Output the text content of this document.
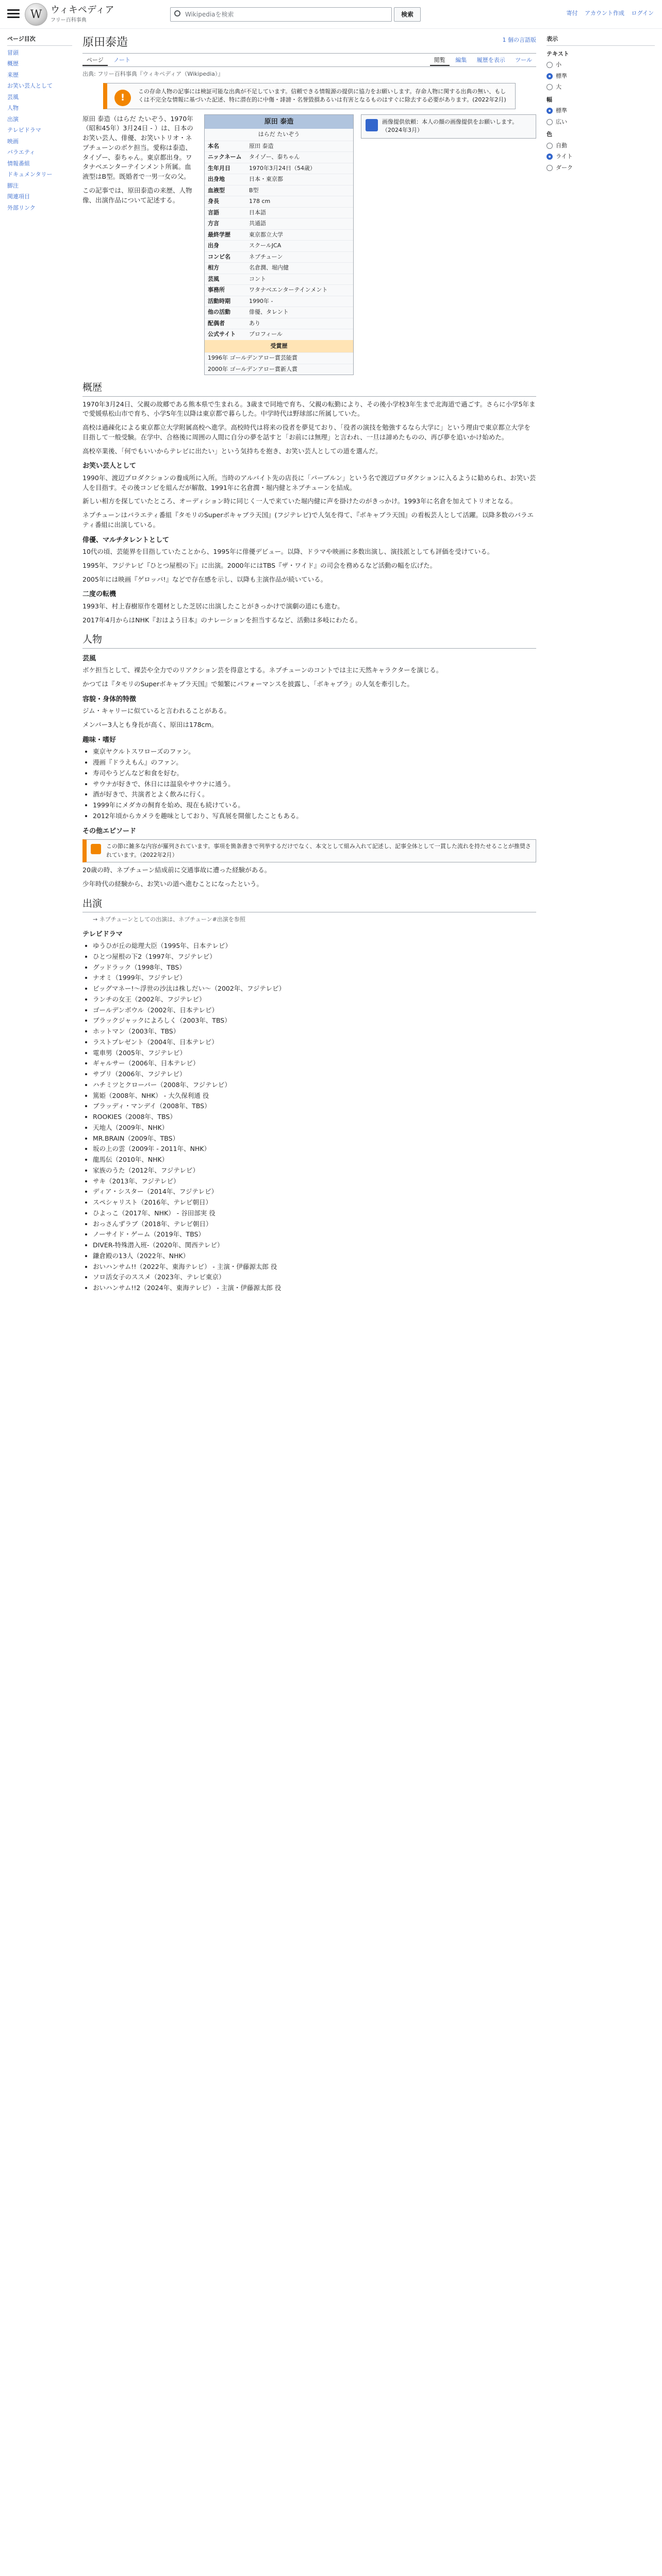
W ウィキペディア
フリー百科事典
Wikipediaを検索	検索	寄付 アカウント作成 ログイン
ページ目次
冒頭
概歴
来歴
お笑い芸人として
芸風
人物
出演
テレビドラマ
映画
バラエティ
情報番組
ドキュメンタリー
脚注
関連項目
外部リンク
原田泰造	1 個の言語版
ページ ノート	閲覧 編集 履歴を表示 ツール
出典: フリー百科事典『ウィキペディア（Wikipedia）』
!
この存命人物の記事には検証可能な出典が不足しています。信頼できる情報源の提供に協力をお願いします。存命人物に関する出典の無い、もしくは不完全な情報に基づいた記述、特に潜在的に中傷・誹謗・名誉毀損あるいは有害となるものはすぐに除去する必要があります。(2022年2月)
画像提供依頼：本人の顔の画像提供をお願いします。（2024年3月）
原田 泰造
はらだ たいぞう
本名	原田 泰造
ニックネーム	タイゾー、泰ちゃん
生年月日	1970年3月24日（54歳）
出身地	日本・東京都
血液型	B型
身長	178 cm
言語	日本語
方言	共通語
最終学歴	東京都立大学
出身	スクールJCA
コンビ名	ネプチューン
相方	名倉潤、堀内健
芸風	コント
事務所	ワタナベエンターテインメント
活動時期	1990年 -
他の活動	俳優、タレント
配偶者	あり
公式サイト	プロフィール
受賞歴
1996年 ゴールデンアロー賞芸能賞
2000年 ゴールデンアロー賞新人賞

原田 泰造（はらだ たいぞう、1970年（昭和45年）3月24日 - ）は、日本のお笑い芸人、俳優、お笑いトリオ・ネプチューンのボケ担当。愛称は泰造、タイゾー、泰ちゃん。東京都出身。ワタナベエンターテインメント所属。血液型はB型。既婚者で一男一女の父。

この記事では、原田泰造の来歴、人物像、出演作品について記述する。

概歴

1970年3月24日、父親の故郷である熊本県で生まれる。3歳まで同地で育ち、父親の転勤により、その後小学校3年生まで北海道で過ごす。さらに小学5年まで愛媛県松山市で育ち、小学5年生以降は東京都で暮らした。中学時代は野球部に所属していた。

高校は過疎化による東京都立大学附属高校へ進学。高校時代は将来の役者を夢見ており、「役者の演技を勉強するなら大学に」という理由で東京都立大学を目指して一般受験。在学中、合格後に周囲の人間に自分の夢を話すと「お前には無理」と言われ、一旦は諦めたものの、再び夢を追いかけ始めた。

高校卒業後、「何でもいいからテレビに出たい」という気持ちを抱き、お笑い芸人としての道を選んだ。

お笑い芸人として

1990年、渡辺プロダクションの養成所に入所。当時のアルバイト先の店長に「パーブルン」という名で渡辺プロダクションに入るように勧められ、お笑い芸人を目指す。その後コンビを組んだが解散、1991年に名倉潤・堀内健とネプチューンを結成。

新しい相方を探していたところ、オーディション時に同じく一人で来ていた堀内健に声を掛けたのがきっかけ。1993年に名倉を加えてトリオとなる。

ネプチューンはバラエティ番組『タモリのSuperボキャブラ天国』(フジテレビ)で人気を得て、『ボキャブラ天国』の看板芸人として活躍。以降多数のバラエティ番組に出演している。

俳優、マルチタレントとして

10代の頃、芸能界を目指していたことから、1995年に俳優デビュー。以降、ドラマや映画に多数出演し、演技派としても評価を受けている。

1995年、フジテレビ『ひとつ屋根の下』に出演。2000年にはTBS『ザ・ワイド』の司会を務めるなど活動の幅を広げた。

2005年には映画『ゲロッパ!』などで存在感を示し、以降も主演作品が続いている。

二度の転機

1993年、村上春樹原作を題材とした芝居に出演したことがきっかけで演劇の道にも進む。

2017年4月からはNHK『おはよう日本』のナレーションを担当するなど、活動は多岐にわたる。

人物
芸風

ボケ担当として、裸芸や全力でのリアクション芸を得意とする。ネプチューンのコントでは主に天然キャラクターを演じる。

かつては『タモリのSuperボキャブラ天国』で頻繁にパフォーマンスを披露し、「ボキャブラ」の人気を牽引した。

容貌・身体的特徴

ジム・キャリーに似ていると言われることがある。

メンバー3人とも身長が高く、原田は178cm。

趣味・嗜好
• 東京ヤクルトスワローズのファン。
• 漫画『ドラえもん』のファン。
• 寿司やうどんなど和食を好む。
• サウナが好きで、休日には温泉やサウナに通う。
• 酒が好きで、共演者とよく飲みに行く。
• 1999年にメダカの飼育を始め、現在も続けている。
• 2012年頃からカメラを趣味としており、写真展を開催したこともある。
その他エピソード
この節に雑多な内容が羅列されています。事項を箇条書きで列挙するだけでなく、本文として組み入れて記述し、記事全体として一貫した流れを持たせることが推奨されています。（2022年2月）

20歳の時、ネプチューン結成前に交通事故に遭った経験がある。

少年時代の経験から、お笑いの道へ進むことになったという。

出演
→ ネプチューンとしての出演は、ネプチューン#出演を参照
テレビドラマ
• ゆうひが丘の総理大臣（1995年、日本テレビ）
• ひとつ屋根の下2（1997年、フジテレビ）
• グッドラック（1998年、TBS）
• ナオミ（1999年、フジテレビ）
• ビッグマネー!〜浮世の沙汰は株しだい〜（2002年、フジテレビ）
• ランチの女王（2002年、フジテレビ）
• ゴールデンボウル（2002年、日本テレビ）
• ブラックジャックによろしく（2003年、TBS）
• ホットマン（2003年、TBS）
• ラストプレゼント（2004年、日本テレビ）
• 電車男（2005年、フジテレビ）
• ギャルサー（2006年、日本テレビ）
• サプリ（2006年、フジテレビ）
• ハチミツとクローバー（2008年、フジテレビ）
• 篤姫（2008年、NHK） - 大久保利通 役
• ブラッディ・マンデイ（2008年、TBS）
• ROOKIES（2008年、TBS）
• 天地人（2009年、NHK）
• MR.BRAIN（2009年、TBS）
• 坂の上の雲（2009年 - 2011年、NHK）
• 龍馬伝（2010年、NHK）
• 家族のうた（2012年、フジテレビ）
• サキ（2013年、フジテレビ）
• ディア・シスター（2014年、フジテレビ）
• スペシャリスト（2016年、テレビ朝日）
• ひよっこ（2017年、NHK） - 谷田部実 役
• おっさんずラブ（2018年、テレビ朝日）
• ノーサイド・ゲーム（2019年、TBS）
• DIVER-特殊潜入班-（2020年、関西テレビ）
• 鎌倉殿の13人（2022年、NHK）
• おいハンサム!!（2022年、東海テレビ） - 主演・伊藤源太郎 役
• ソロ活女子のススメ（2023年、テレビ東京）
• おいハンサム!!2（2024年、東海テレビ） - 主演・伊藤源太郎 役
表示
テキスト
小
標準
大
幅
標準
広い
色
自動
ライト
ダーク
